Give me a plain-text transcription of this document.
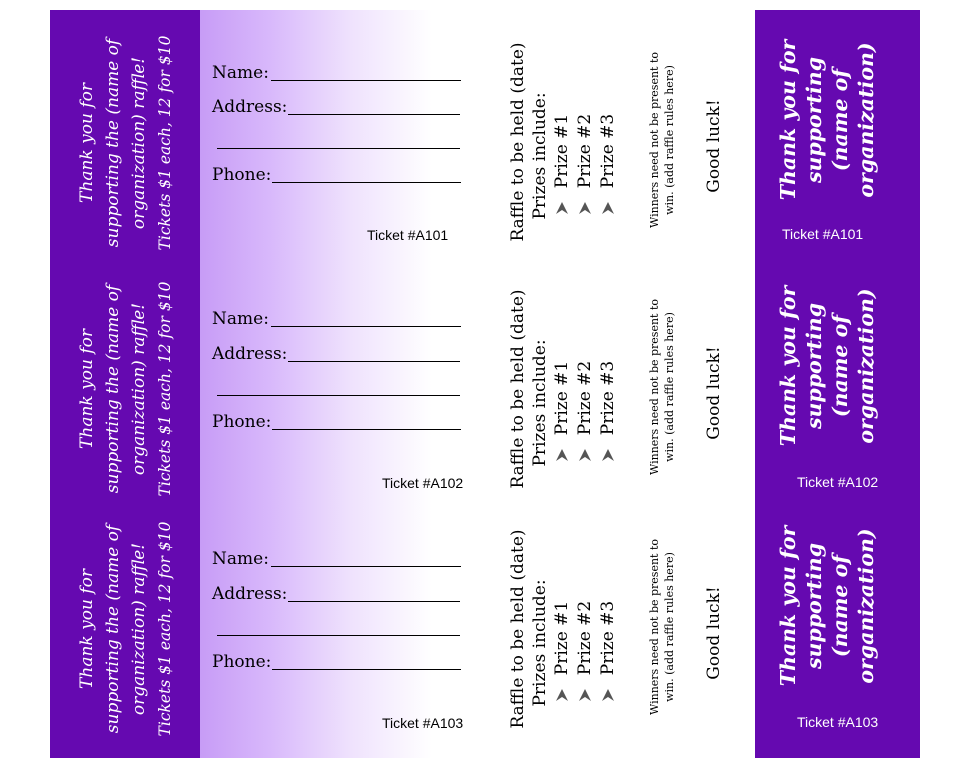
Thank you for supporting the (name of organization) raffle! Tickets $1 each, 12 for $10 Name:
Address:
Phone:
Ticket #A101	Raffle to be held (date) Prizes include: Prize #1 Prize #2 Prize #3	Winners need not be present to win. (add raffle rules here) Good luck!	Thank you for supporting (name of organization)
Ticket #A101
Thank you for supporting the (name of organization) raffle! Tickets $1 each, 12 for $10 Name:
Address:
Phone:
Ticket #A102	Raffle to be held (date) Prizes include: Prize #1 Prize #2 Prize #3	Winners need not be present to win. (add raffle rules here) Good luck!	Thank you for supporting (name of organization)
Ticket #A102
Thank you for supporting the (name of organization) raffle! Tickets $1 each, 12 for $10 Name:
Address:
Phone:
Ticket #A103	Raffle to be held (date) Prizes include: Prize #1 Prize #2 Prize #3	Winners need not be present to win. (add raffle rules here) Good luck!	Thank you for supporting (name of organization)
Ticket #A103
